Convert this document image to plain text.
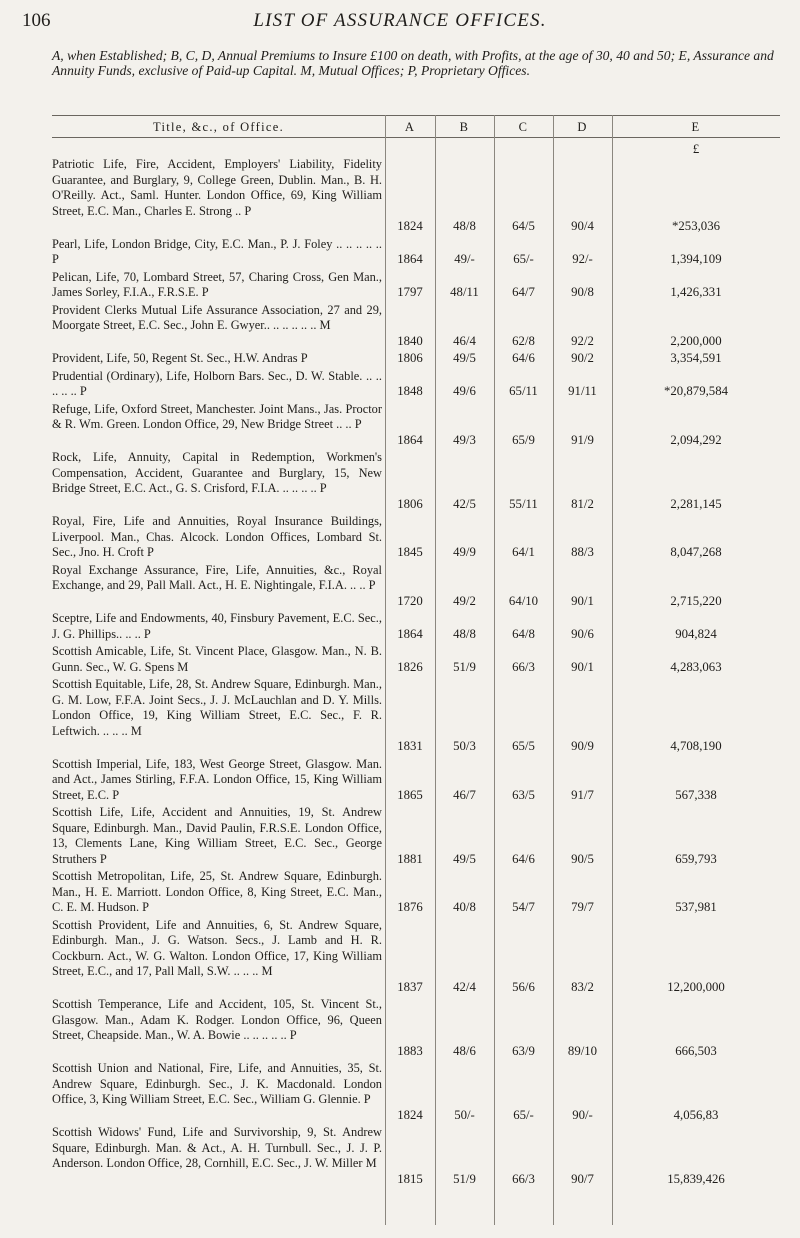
106	LIST OF ASSURANCE OFFICES.
A, when Established; B, C, D, Annual Premiums to Insure £100 on death, with Profits, at the age of 30, 40 and 50; E, Assurance and Annuity Funds, exclusive of Paid-up Capital. M, Mutual Offices; P, Proprietary Offices.
Title, &c., of Office.	A	B	C	D	E
£
Patriotic Life, Fire, Accident, Employers' Liability, Fidelity Guarantee, and Burglary, 9, College Green, Dublin. Man., B. H. O'Reilly. Act., Saml. Hunter. London Office, 69, King William Street, E.C. Man., Charles E. Strong .. P
1824	48/8	64/5	90/4	*253,036
Pearl, Life, London Bridge, City, E.C. Man., P. J. Foley .. .. .. .. .. P	1864	49/-	65/-	92/-	1,394,109
Pelican, Life, 70, Lombard Street, 57, Charing Cross, Gen Man., James Sorley, F.I.A., F.R.S.E. P	1797	48/11	64/7	90/8	1,426,331
Provident Clerks Mutual Life Assurance Association, 27 and 29, Moorgate Street, E.C. Sec., John E. Gwyer.. .. .. .. .. .. M
1840	46/4	62/8	92/2	2,200,000
Provident, Life, 50, Regent St. Sec., H.W. Andras P	1806	49/5	64/6	90/2	3,354,591
Prudential (Ordinary), Life, Holborn Bars. Sec., D. W. Stable. .. .. .. .. .. P	1848	49/6	65/11	91/11	*20,879,584
Refuge, Life, Oxford Street, Manchester. Joint Mans., Jas. Proctor & R. Wm. Green. London Office, 29, New Bridge Street .. .. P
1864	49/3	65/9	91/9	2,094,292
Rock, Life, Annuity, Capital in Redemption, Workmen's Compensation, Accident, Guarantee and Burglary, 15, New Bridge Street, E.C. Act., G. S. Crisford, F.I.A. .. .. .. .. P
1806	42/5	55/11	81/2	2,281,145
Royal, Fire, Life and Annuities, Royal Insurance Buildings, Liverpool. Man., Chas. Alcock. London Offices, Lombard St. Sec., Jno. H. Croft P	1845	49/9	64/1	88/3	8,047,268
Royal Exchange Assurance, Fire, Life, Annuities, &c., Royal Exchange, and 29, Pall Mall. Act., H. E. Nightingale, F.I.A. .. .. P
1720	49/2	64/10	90/1	2,715,220
Sceptre, Life and Endowments, 40, Finsbury Pavement, E.C. Sec., J. G. Phillips.. .. .. P	1864	48/8	64/8	90/6	904,824
Scottish Amicable, Life, St. Vincent Place, Glasgow. Man., N. B. Gunn. Sec., W. G. Spens M	1826	51/9	66/3	90/1	4,283,063
Scottish Equitable, Life, 28, St. Andrew Square, Edinburgh. Man., G. M. Low, F.F.A. Joint Secs., J. J. McLauchlan and D. Y. Mills. London Office, 19, King William Street, E.C. Sec., F. R. Leftwich. .. .. .. M
1831	50/3	65/5	90/9	4,708,190
Scottish Imperial, Life, 183, West George Street, Glasgow. Man. and Act., James Stirling, F.F.A. London Office, 15, King William Street, E.C. P	1865	46/7	63/5	91/7	567,338
Scottish Life, Life, Accident and Annuities, 19, St. Andrew Square, Edinburgh. Man., David Paulin, F.R.S.E. London Office, 13, Clements Lane, King William Street, E.C. Sec., George Struthers P	1881	49/5	64/6	90/5	659,793
Scottish Metropolitan, Life, 25, St. Andrew Square, Edinburgh. Man., H. E. Marriott. London Office, 8, King Street, E.C. Man., C. E. M. Hudson. P	1876	40/8	54/7	79/7	537,981
Scottish Provident, Life and Annuities, 6, St. Andrew Square, Edinburgh. Man., J. G. Watson. Secs., J. Lamb and H. R. Cockburn. Act., W. G. Walton. London Office, 17, King William Street, E.C., and 17, Pall Mall, S.W. .. .. .. M
1837	42/4	56/6	83/2	12,200,000
Scottish Temperance, Life and Accident, 105, St. Vincent St., Glasgow. Man., Adam K. Rodger. London Office, 96, Queen Street, Cheapside. Man., W. A. Bowie .. .. .. .. .. P
1883	48/6	63/9	89/10	666,503
Scottish Union and National, Fire, Life, and Annuities, 35, St. Andrew Square, Edinburgh. Sec., J. K. Macdonald. London Office, 3, King William Street, E.C. Sec., William G. Glennie. P
1824	50/-	65/-	90/-	4,056,83
Scottish Widows' Fund, Life and Survivorship, 9, St. Andrew Square, Edinburgh. Man. & Act., A. H. Turnbull. Sec., J. J. P. Anderson. London Office, 28, Cornhill, E.C. Sec., J. W. Miller M
1815	51/9	66/3	90/7	15,839,426
